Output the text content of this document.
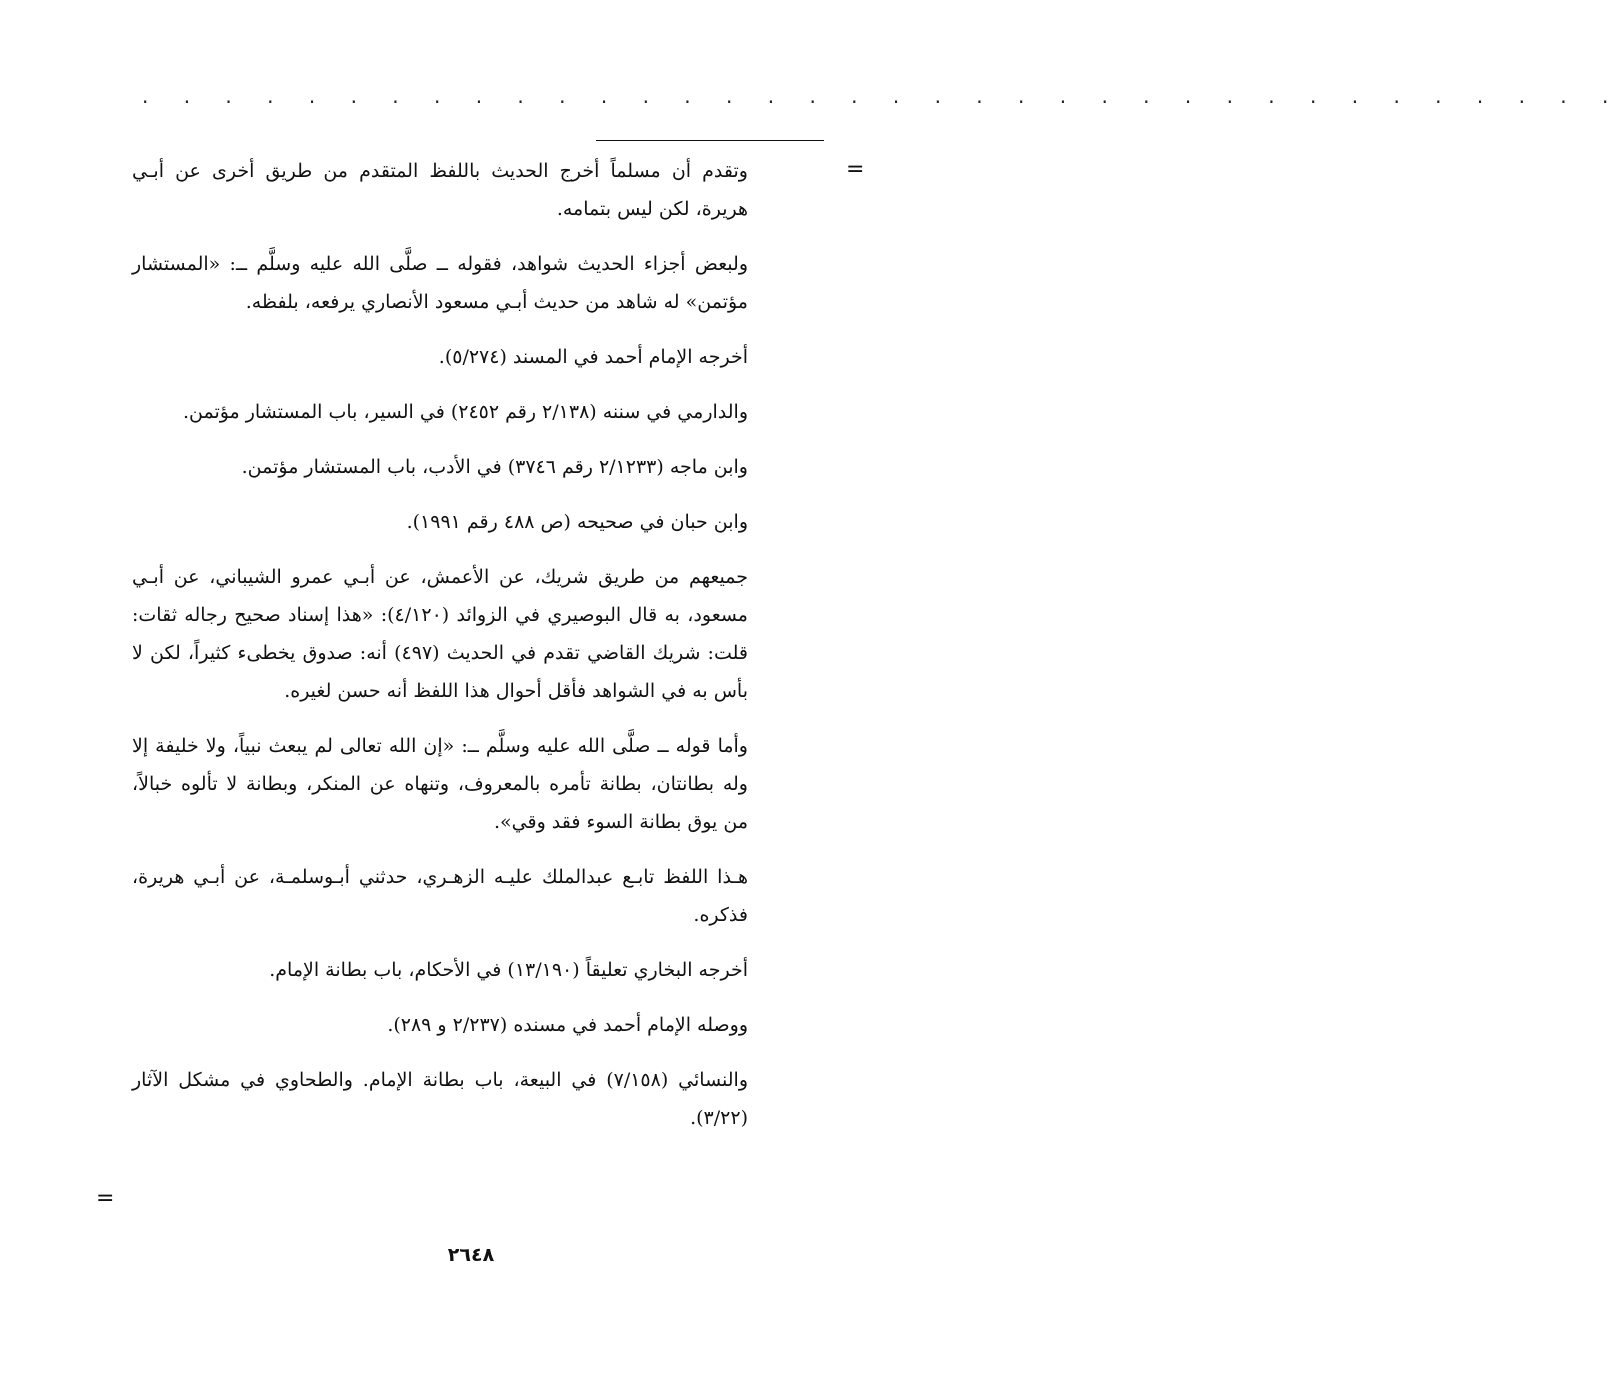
. . . . . . . . . . . . . . . . . . . . . . . . . . . . . . . . . . . .
=

وتقدم أن مسلماً أخرج الحديث باللفظ المتقدم من طريق أخرى عن أبـي هريرة، لكن ليس بتمامه.

ولبعض أجزاء الحديث شواهد، فقوله ــ صلَّى الله عليه وسلَّم ــ: «المستشار مؤتمن» له شاهد من حديث أبـي مسعود الأنصاري يرفعه، بلفظه.

أخرجه الإمام أحمد في المسند (٥/٢٧٤).

والدارمي في سننه (٢/١٣٨ رقم ٢٤٥٢) في السير، باب المستشار مؤتمن.

وابن ماجه (٢/١٢٣٣ رقم ٣٧٤٦) في الأدب، باب المستشار مؤتمن.

وابن حبان في صحيحه (ص ٤٨٨ رقم ١٩٩١).

جميعهم من طريق شريك، عن الأعمش، عن أبـي عمرو الشيباني، عن أبـي مسعود، به قال البوصيري في الزوائد (٤/١٢٠): «هذا إسناد صحيح رجاله ثقات: قلت: شريك القاضي تقدم في الحديث (٤٩٧) أنه: صدوق يخطىء كثيراً، لكن لا بأس به في الشواهد فأقل أحوال هذا اللفظ أنه حسن لغيره.

وأما قوله ــ صلَّى الله عليه وسلَّم ــ: «إن الله تعالى لم يبعث نبياً، ولا خليفة إلا وله بطانتان، بطانة تأمره بالمعروف، وتنهاه عن المنكر، وبطانة لا تألوه خبالاً، من يوق بطانة السوء فقد وقي».

هـذا اللفظ تابـع عبدالملك عليـه الزهـري، حدثني أبـوسلمـة، عن أبـي هريرة، فذكره.

أخرجه البخاري تعليقاً (١٣/١٩٠) في الأحكام، باب بطانة الإمام.

ووصله الإمام أحمد في مسنده (٢/٢٣٧ و ٢٨٩).

والنسائي (٧/١٥٨) في البيعة، باب بطانة الإمام. والطحاوي في مشكل الآثار (٣/٢٢).

=
٢٦٤٨
